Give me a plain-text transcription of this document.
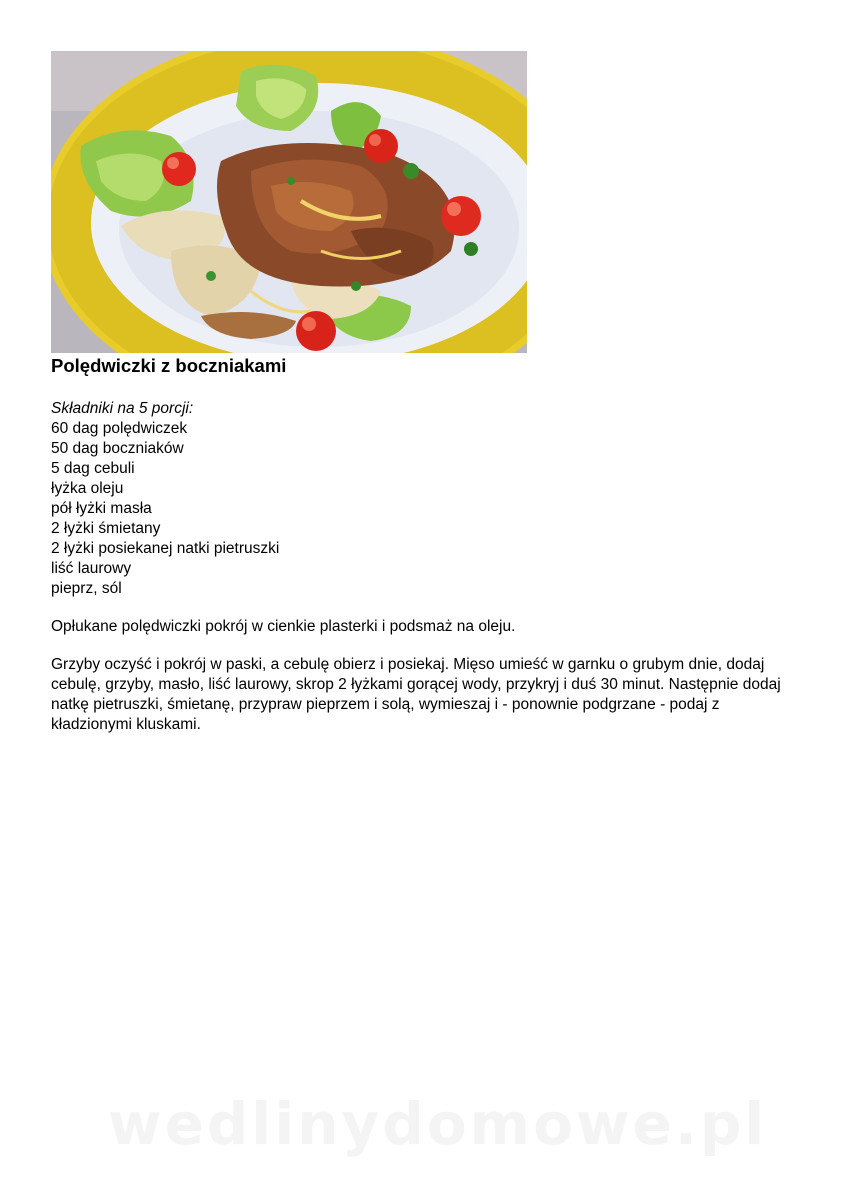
Polędwiczki z boczniakami
Składniki na 5 porcji:
60 dag polędwiczek
50 dag boczniaków
5 dag cebuli
łyżka oleju
pół łyżki masła
2 łyżki śmietany
2 łyżki posiekanej natki pietruszki
liść laurowy
pieprz, sól

Opłukane polędwiczki pokrój w cienkie plasterki i podsmaż na oleju.

Grzyby oczyść i pokrój w paski, a cebulę obierz i posiekaj. Mięso umieść w garnku o grubym dnie, dodaj cebulę, grzyby, masło, liść laurowy, skrop 2 łyżkami gorącej wody, przykryj i duś 30 minut. Następnie dodaj natkę pietruszki, śmietanę, przypraw pieprzem i solą, wymieszaj i - ponownie podgrzane - podaj z kładzionymi kluskami.

wedlinydomowe.pl
